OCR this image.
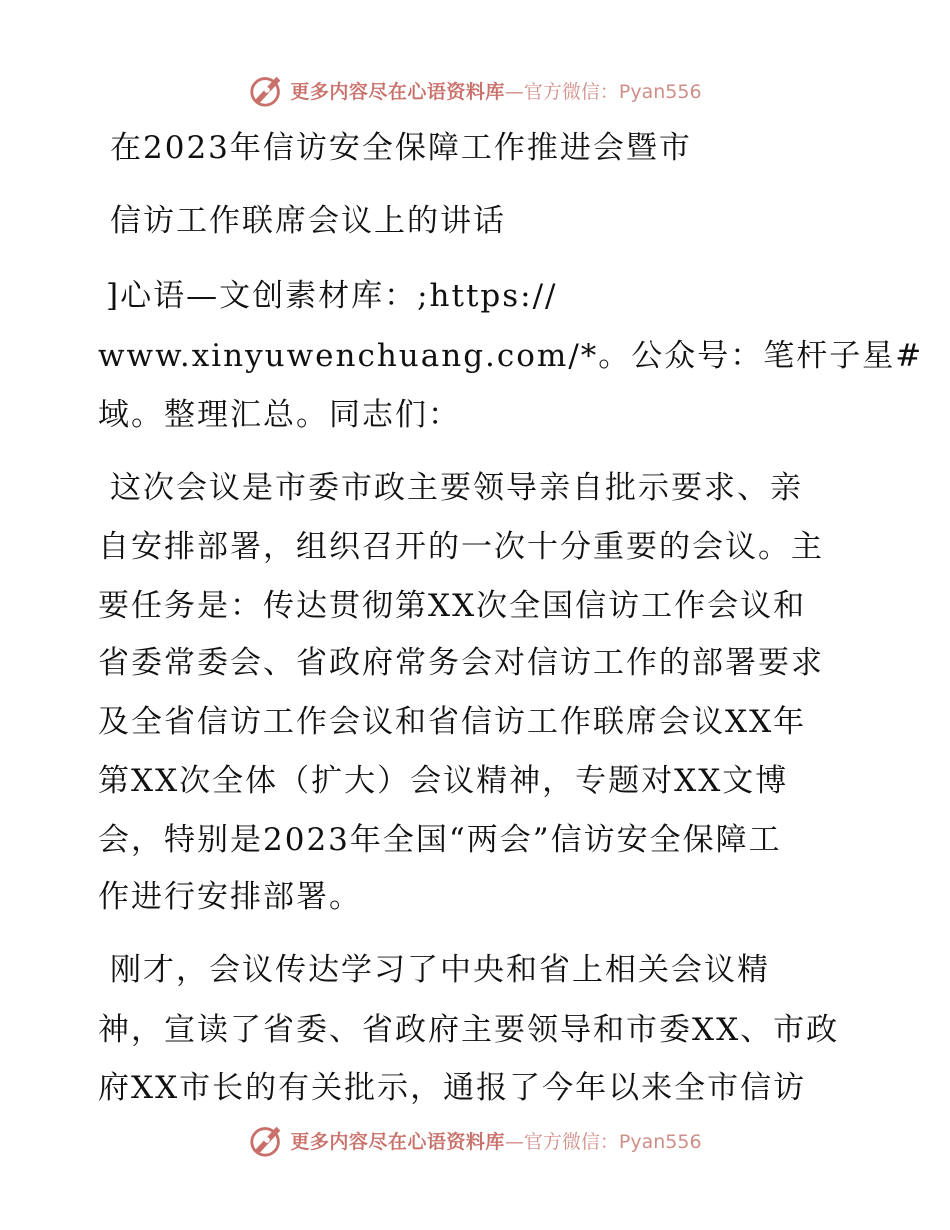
更多内容尽在心语资料库 —官方微信：Pyan556
在2023年信访安全保障工作推进会暨市
信访工作联席会议上的讲话
]心语—文创素材库：;https://
www.xinyuwenchuang.com/*。公众号：笔杆子星#
域。整理汇总。同志们：
这次会议是市委市政主要领导亲自批示要求、亲
自安排部署，组织召开的一次十分重要的会议。主
要任务是：传达贯彻第XX次全国信访工作会议和
省委常委会、省政府常务会对信访工作的部署要求
及全省信访工作会议和省信访工作联席会议XX年
第XX次全体（扩大）会议精神，专题对XX文博
会，特别是2023年全国“两会”信访安全保障工
作进行安排部署。
刚才，会议传达学习了中央和省上相关会议精
神，宣读了省委、省政府主要领导和市委XX、市政
府XX市长的有关批示，通报了今年以来全市信访
更多内容尽在心语资料库 —官方微信：Pyan556
